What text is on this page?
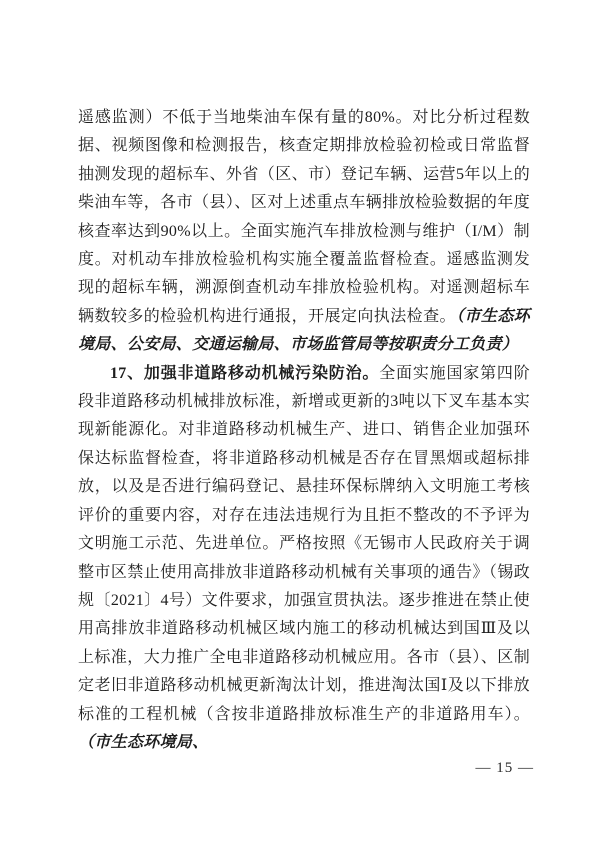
遥感监测）不低于当地柴油车保有量的80%。对比分析过程数据、视频图像和检测报告，核查定期排放检验初检或日常监督抽测发现的超标车、外省（区、市）登记车辆、运营5年以上的柴油车等，各市（县）、区对上述重点车辆排放检验数据的年度核查率达到90%以上。全面实施汽车排放检测与维护（I/M）制度。对机动车排放检验机构实施全覆盖监督检查。遥感监测发现的超标车辆，溯源倒查机动车排放检验机构。对遥测超标车辆数较多的检验机构进行通报，开展定向执法检查。（市生态环境局、公安局、交通运输局、市场监管局等按职责分工负责）

17、加强非道路移动机械污染防治。全面实施国家第四阶段非道路移动机械排放标准，新增或更新的3吨以下叉车基本实现新能源化。对非道路移动机械生产、进口、销售企业加强环保达标监督检查，将非道路移动机械是否存在冒黑烟或超标排放，以及是否进行编码登记、悬挂环保标牌纳入文明施工考核评价的重要内容，对存在违法违规行为且拒不整改的不予评为文明施工示范、先进单位。严格按照《无锡市人民政府关于调整市区禁止使用高排放非道路移动机械有关事项的通告》（锡政规〔2021〕4号）文件要求，加强宣贯执法。逐步推进在禁止使用高排放非道路移动机械区域内施工的移动机械达到国Ⅲ及以上标准，大力推广全电非道路移动机械应用。各市（县）、区制定老旧非道路移动机械更新淘汰计划，推进淘汰国Ⅰ及以下排放标准的工程机械（含按非道路排放标准生产的非道路用车）。（市生态环境局、

— 15 —
